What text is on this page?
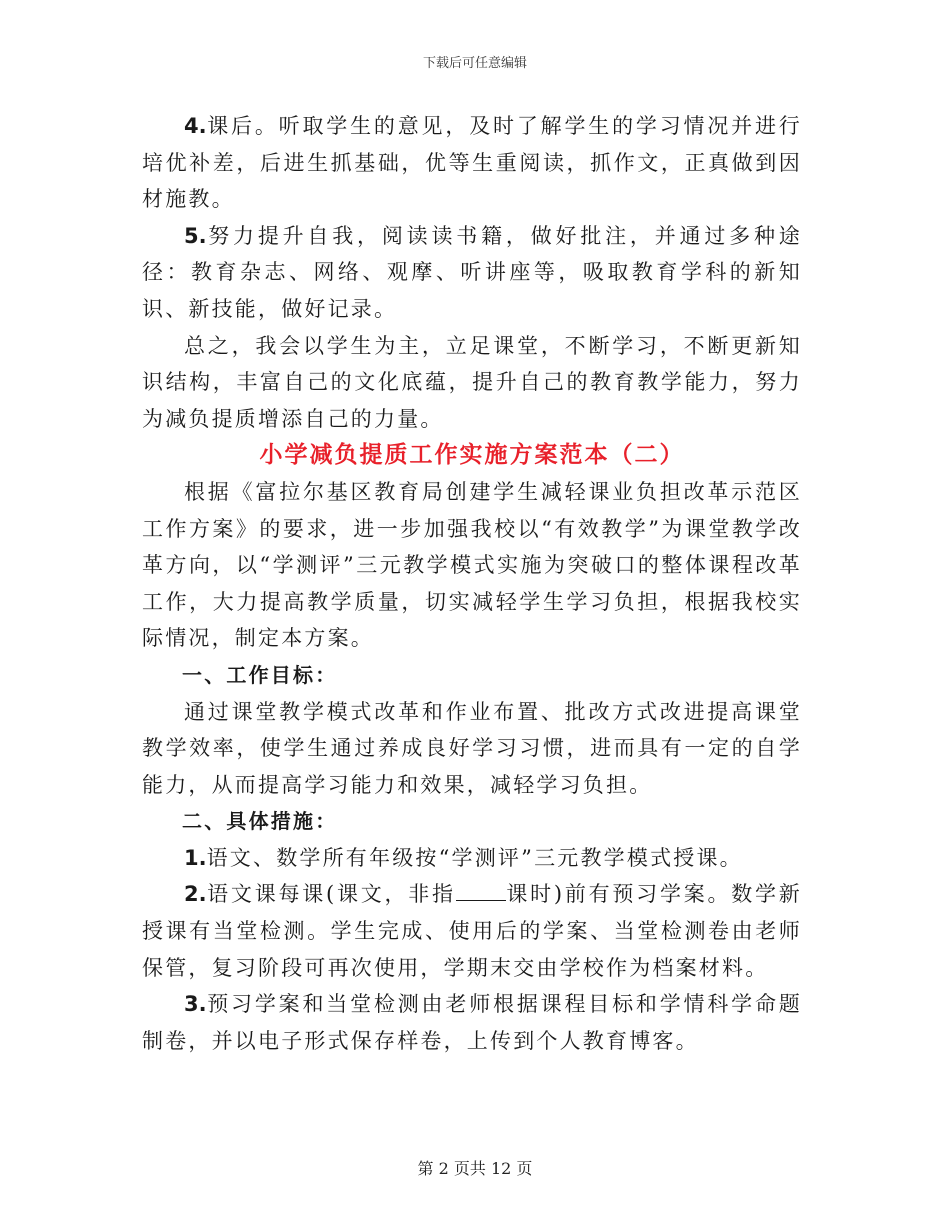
下载后可任意编辑

4.课后。听取学生的意见，及时了解学生的学习情况并进行培优补差，后进生抓基础，优等生重阅读，抓作文，正真做到因材施教。

5.努力提升自我，阅读读书籍，做好批注，并通过多种途径：教育杂志、网络、观摩、听讲座等，吸取教育学科的新知识、新技能，做好记录。

总之，我会以学生为主，立足课堂，不断学习，不断更新知识结构，丰富自己的文化底蕴，提升自己的教育教学能力，努力为减负提质增添自己的力量。

小学减负提质工作实施方案范本（二）

根据《富拉尔基区教育局创建学生减轻课业负担改革示范区工作方案》的要求，进一步加强我校以“有效教学”为课堂教学改革方向，以“学测评”三元教学模式实施为突破口的整体课程改革工作，大力提高教学质量，切实减轻学生学习负担，根据我校实际情况，制定本方案。

一、工作目标：

通过课堂教学模式改革和作业布置、批改方式改进提高课堂教学效率，使学生通过养成良好学习习惯，进而具有一定的自学能力，从而提高学习能力和效果，减轻学习负担。

二、具体措施：

1.语文、数学所有年级按“学测评”三元教学模式授课。

2.语文课每课(课文，非指 课时)前有预习学案。数学新授课有当堂检测。学生完成、使用后的学案、当堂检测卷由老师保管，复习阶段可再次使用，学期末交由学校作为档案材料。

3.预习学案和当堂检测由老师根据课程目标和学情科学命题制卷，并以电子形式保存样卷，上传到个人教育博客。

第 2 页共 12 页
